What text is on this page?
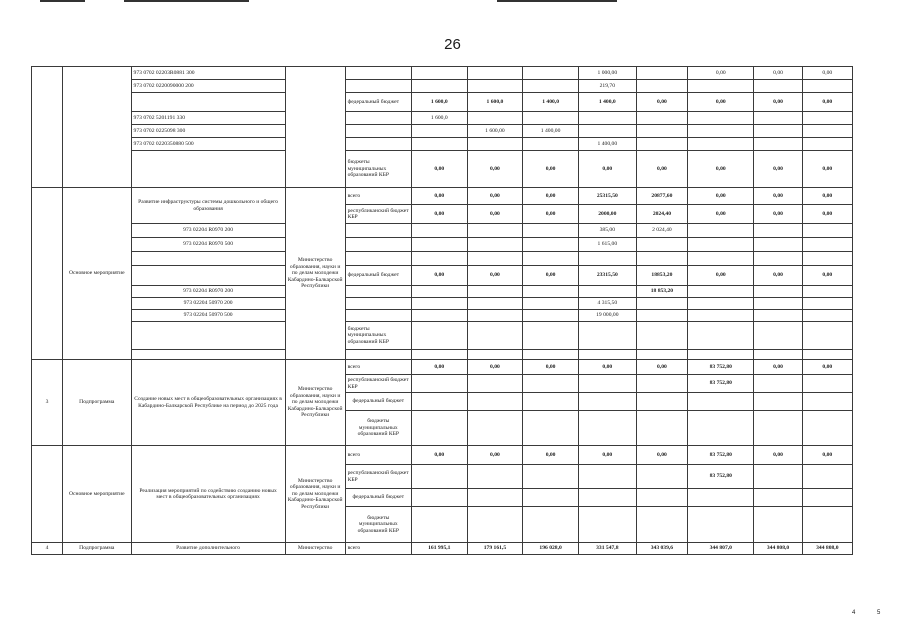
26
		973 0702 02203R0881 300						1 000,00		0,00	0,00	0,00
		973 0702 0220090000 200						219,70				
				федеральный бюджет	1 600,0	1 600,0	1 400,0	1 400,0	0,00	0,00	0,00	0,00
		973 0702 5201191 330			1 600,0							
		973 0702 0225098 300				1 600,00	1 400,00					
		973 0702 0220350880 500						1 400,00				
				бюджеты муниципальных образований КБР	0,00	0,00	0,00	0,00	0,00	0,00	0,00	0,00
	Основное мероприятие	Развитие инфраструктуры системы дошкольного и общего образования	Министерство образования, науки и по делам молодежи Кабардино-Балкарской Республики	всего	0,00	0,00	0,00	25315,50	20877,60	0,00	0,00	0,00
				республиканский бюджет КБР	0,00	0,00	0,00	2000,00	2024,40	0,00	0,00	0,00
		973 02204 R0970 200						385,00	2 024,40			
		973 02204 R0970 500						1 615,00				

				федеральный бюджет	0,00	0,00	0,00	23315,50	18853,20	0,00	0,00	0,00
		973 02204 R0970 200							18 853,20			
		973 02204 50970 200						4 315,50				
		973 02204 50970 500						19 000,00				
				бюджеты муниципальных образований КБР								

3	Подпрограмма	Создание новых мест в общеобразовательных организациях в Кабардино-Балкарской Республике на период до 2025 года	Министерство образования, науки и по делам молодежи Кабардино-Балкарской Республики	всего	0,00	0,00	0,00	0,00	0,00	83 752,80	0,00	0,00
				республиканский бюджет КБР						83 752,80		
				федеральный бюджет								
				бюджеты муниципальных образований КБР								
	Основное мероприятие	Реализация мероприятий по содействию созданию новых мест в общеобразовательных организациях	Министерство образования, науки и по делам молодежи Кабардино-Балкарской Республики	всего	0,00	0,00	0,00	0,00	0,00	83 752,80	0,00	0,00
				республиканский бюджет КБР						83 752,80		
				федеральный бюджет								
				бюджеты муниципальных образований КБР								
4	Подпрограмма	Развитие дополнительного	Министерство	всего	161 995,1	179 161,5	196 028,0	331 547,8	343 039,6	344 807,0	344 808,0	344 808,0
4	5
